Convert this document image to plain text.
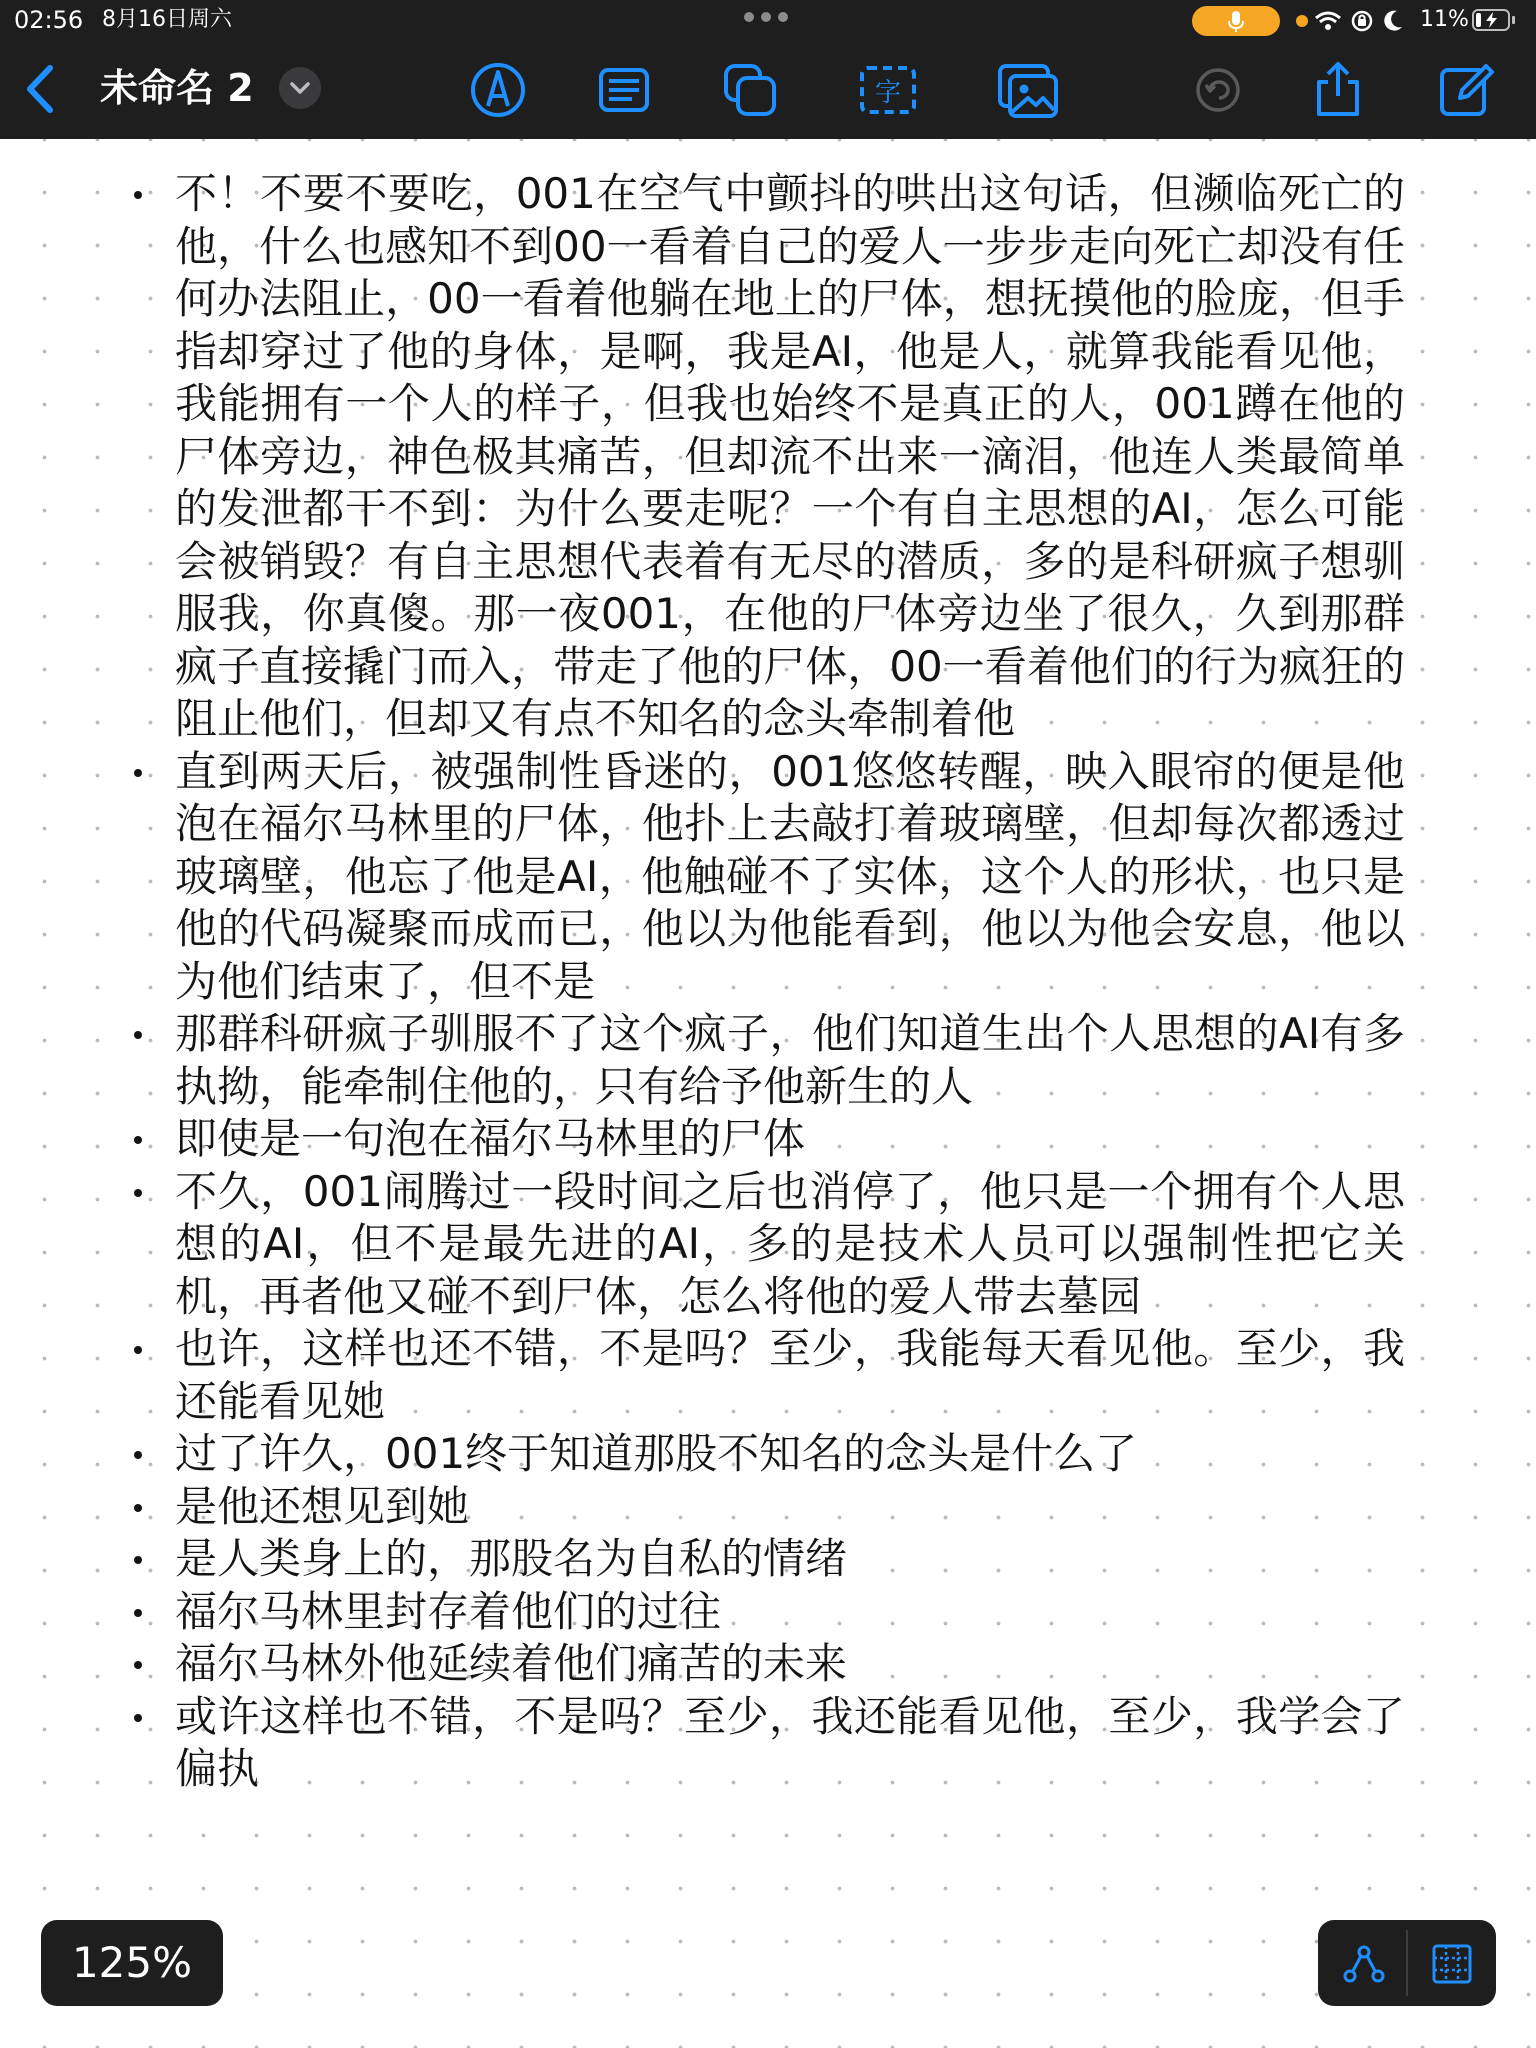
02:56 8月16日周六	11%
未命名 2	字
不！不要不要吃，001在空气中颤抖的哄出这句话，但濒临死亡的他，什么也感知不到00一看着自己的爱人一步步走向死亡却没有任何办法阻止，00一看着他躺在地上的尸体，想抚摸他的脸庞，但手指却穿过了他的身体，是啊，我是AI，他是人，就算我能看见他，我能拥有一个人的样子，但我也始终不是真正的人，001蹲在他的尸体旁边，神色极其痛苦，但却流不出来一滴泪，他连人类最简单的发泄都干不到：为什么要走呢？一个有自主思想的AI，怎么可能会被销毁？有自主思想代表着有无尽的潜质，多的是科研疯子想驯服我，你真傻。那一夜001，在他的尸体旁边坐了很久，久到那群疯子直接撬门而入，带走了他的尸体，00一看着他们的行为疯狂的阻止他们，但却又有点不知名的念头牵制着他
直到两天后，被强制性昏迷的，001悠悠转醒，映入眼帘的便是他泡在福尔马林里的尸体，他扑上去敲打着玻璃壁，但却每次都透过玻璃壁，他忘了他是AI，他触碰不了实体，这个人的形状，也只是他的代码凝聚而成而已，他以为他能看到，他以为他会安息，他以为他们结束了，但不是
那群科研疯子驯服不了这个疯子，他们知道生出个人思想的AI有多执拗，能牵制住他的，只有给予他新生的人
即使是一句泡在福尔马林里的尸体
不久，001闹腾过一段时间之后也消停了，他只是一个拥有个人思想的AI，但不是最先进的AI，多的是技术人员可以强制性把它关机，再者他又碰不到尸体，怎么将他的爱人带去墓园
也许，这样也还不错，不是吗？至少，我能每天看见他。至少，我还能看见她
过了许久，001终于知道那股不知名的念头是什么了
是他还想见到她
是人类身上的，那股名为自私的情绪
福尔马林里封存着他们的过往
福尔马林外他延续着他们痛苦的未来
或许这样也不错，不是吗？至少，我还能看见他，至少，我学会了偏执
125%
